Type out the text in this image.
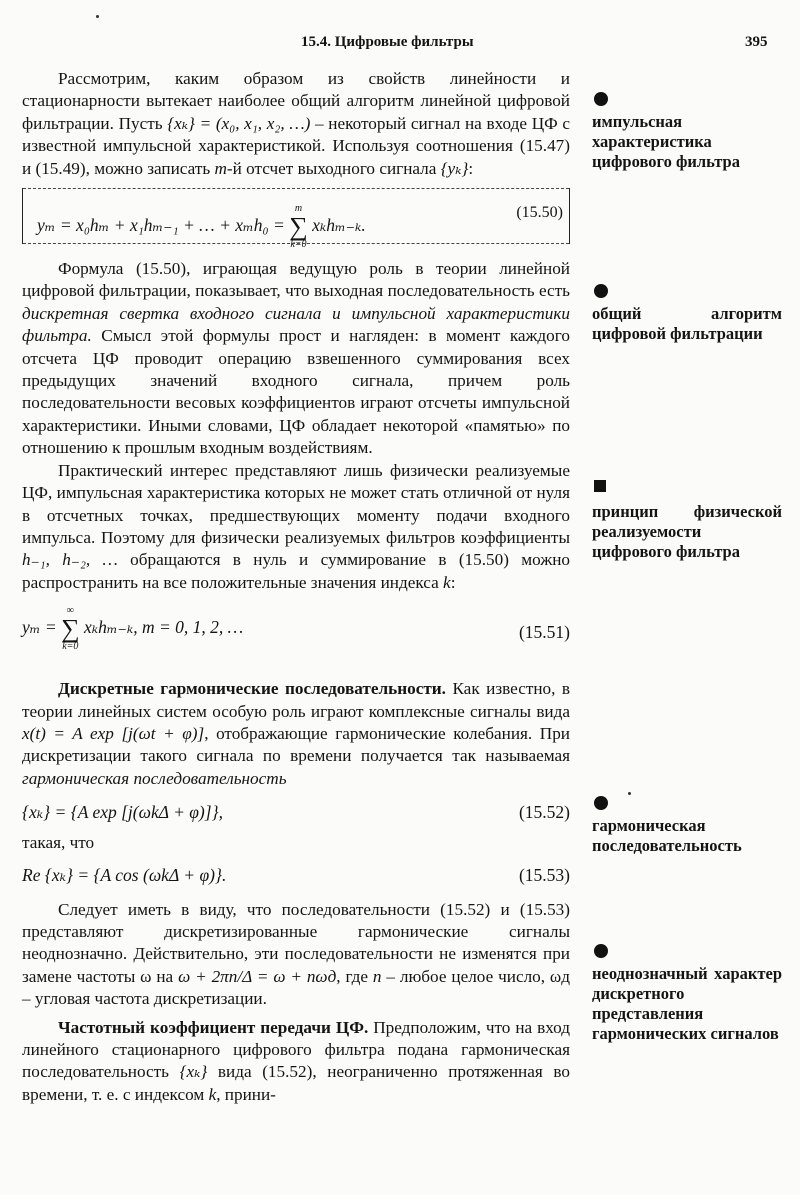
15.4. Цифровые фильтры	395

Рассмотрим, каким образом из свойств линейности и стационарности вытекает наиболее общий алгоритм линейной цифровой фильтрации. Пусть {xₖ} = (x₀, x₁, x₂, …) – некоторый сигнал на входе ЦФ с известной импульсной характеристикой. Используя соотношения (15.47) и (15.49), можно записать m-й отсчет выходного сигнала {yₖ}:

yₘ = x₀hₘ + x₁hₘ₋₁ + … + xₘh₀ =
m
∑
k=0
xₖhₘ₋ₖ.
(15.50)

Формула (15.50), играющая ведущую роль в теории линейной цифровой фильтрации, показывает, что выходная последовательность есть дискретная свертка входного сигнала и импульсной характеристики фильтра. Смысл этой формулы прост и нагляден: в момент каждого отсчета ЦФ проводит операцию взвешенного суммирования всех предыдущих значений входного сигнала, причем роль последовательности весовых коэффициентов играют отсчеты импульсной характеристики. Иными словами, ЦФ обладает некоторой «памятью» по отношению к прошлым входным воздействиям.

Практический интерес представляют лишь физически реализуемые ЦФ, импульсная характеристика которых не может стать отличной от нуля в отсчетных точках, предшествующих моменту подачи входного импульса. Поэтому для физически реализуемых фильтров коэффициенты h₋₁, h₋₂, … обращаются в нуль и суммирование в (15.50) можно распространить на все положительные значения индекса k:

yₘ =
∞
∑
k=0
xₖhₘ₋ₖ, m = 0, 1, 2, …	(15.51)

Дискретные гармонические последовательности. Как известно, в теории линейных систем особую роль играют комплексные сигналы вида x(t) = A exp [j(ωt + φ)], отображающие гармонические колебания. При дискретизации такого сигнала по времени получается так называемая гармоническая последовательность

{xₖ} = {A exp [j(ωkΔ + φ)]},	(15.52)

такая, что

Re {xₖ} = {A cos (ωkΔ + φ)}.	(15.53)

Следует иметь в виду, что последовательности (15.52) и (15.53) представляют дискретизированные гармонические сигналы неоднозначно. Действительно, эти последовательности не изменятся при замене частоты ω на ω + 2πn/Δ = ω + nωд, где n – любое целое число, ωд – угловая частота дискретизации.

Частотный коэффициент передачи ЦФ. Предположим, что на вход линейного стационарного цифрового фильтра подана гармоническая последовательность {xₖ} вида (15.52), неограниченно протяженная во времени, т. е. с индексом k, прини-

импульсная характеристика цифрового фильтра
общий алгоритм цифровой фильтрации
принцип физической реализуемости цифрового фильтра
гармоническая последовательность
неоднозначный характер дискретного представления гармонических сигналов
